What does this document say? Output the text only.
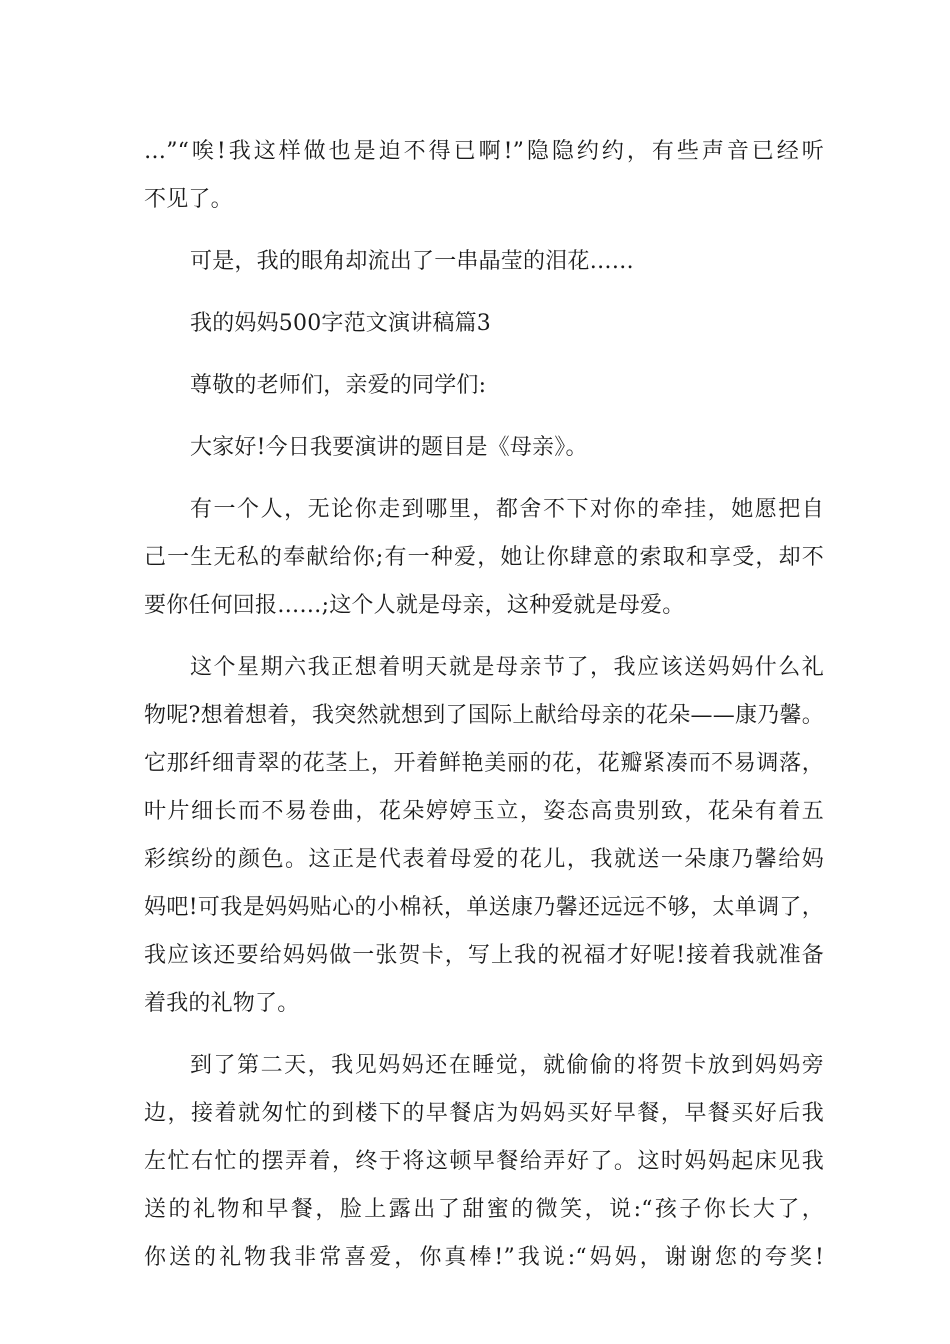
…”“唉!我这样做也是迫不得已啊!”隐隐约约，有些声音已经听
不见了。
可是，我的眼角却流出了一串晶莹的泪花……
我的妈妈500字范文演讲稿篇3
尊敬的老师们，亲爱的同学们:
大家好!今日我要演讲的题目是《母亲》。
有一个人，无论你走到哪里，都舍不下对你的牵挂，她愿把自
己一生无私的奉献给你;有一种爱，她让你肆意的索取和享受，却不
要你任何回报……;这个人就是母亲，这种爱就是母爱。
这个星期六我正想着明天就是母亲节了，我应该送妈妈什么礼
物呢?想着想着，我突然就想到了国际上献给母亲的花朵——康乃馨。
它那纤细青翠的花茎上，开着鲜艳美丽的花，花瓣紧凑而不易调落，
叶片细长而不易卷曲，花朵婷婷玉立，姿态高贵别致，花朵有着五
彩缤纷的颜色。这正是代表着母爱的花儿，我就送一朵康乃馨给妈
妈吧!可我是妈妈贴心的小棉袄，单送康乃馨还远远不够，太单调了，
我应该还要给妈妈做一张贺卡，写上我的祝福才好呢!接着我就准备
着我的礼物了。
到了第二天，我见妈妈还在睡觉，就偷偷的将贺卡放到妈妈旁
边，接着就匆忙的到楼下的早餐店为妈妈买好早餐，早餐买好后我
左忙右忙的摆弄着，终于将这顿早餐给弄好了。这时妈妈起床见我
送的礼物和早餐，脸上露出了甜蜜的微笑，说:“孩子你长大了，
你送的礼物我非常喜爱，你真棒!”我说:“妈妈，谢谢您的夸奖!
